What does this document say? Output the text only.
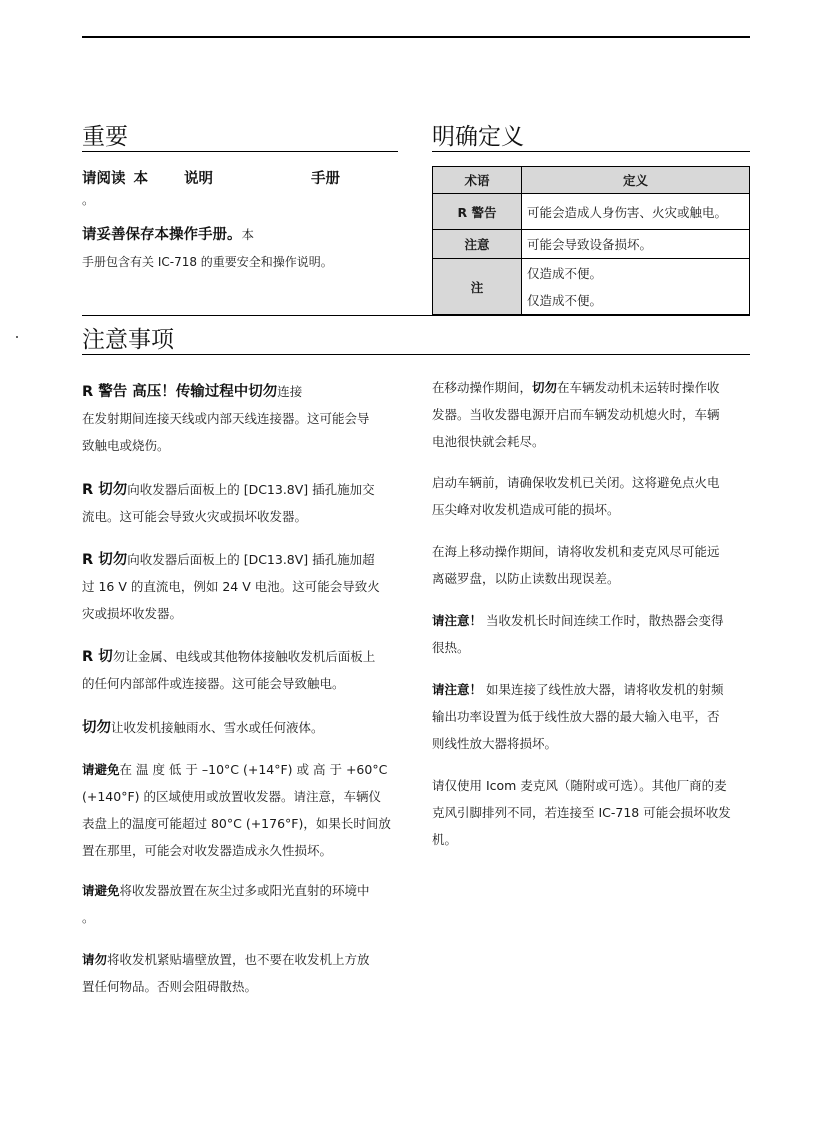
重要

请阅读 本 说明	手册

。

请妥善保存本操作手册。本

手册包含有关 IC-718 的重要安全和操作说明。

明确定义
术语	定义
R 警告	可能会造成人身伤害、火灾或触电。
注意	可能会导致设备损坏。
注	仅造成不便。
仅造成不便。
注意事项

R 警告 高压！传输过程中切勿连接

在发射期间连接天线或内部天线连接器。这可能会导

致触电或烧伤。

R 切勿向收发器后面板上的 [DC13.8V] 插孔施加交

流电。这可能会导致火灾或损坏收发器。

R 切勿向收发器后面板上的 [DC13.8V] 插孔施加超

过 16 V 的直流电，例如 24 V 电池。这可能会导致火

灾或损坏收发器。

R 切勿让金属、电线或其他物体接触收发机后面板上

的任何内部部件或连接器。这可能会导致触电。

切勿让收发机接触雨水、雪水或任何液体。

请避免在 温 度 低 于 –10°C (+14°F) 或 高 于 +60°C

(+140°F) 的区域使用或放置收发器。请注意，车辆仪

表盘上的温度可能超过 80°C (+176°F)，如果长时间放

置在那里，可能会对收发器造成永久性损坏。

请避免将收发器放置在灰尘过多或阳光直射的环境中

。

请勿将收发机紧贴墙壁放置，也不要在收发机上方放

置任何物品。否则会阻碍散热。

在移动操作期间，切勿在车辆发动机未运转时操作收

发器。当收发器电源开启而车辆发动机熄火时，车辆

电池很快就会耗尽。

启动车辆前，请确保收发机已关闭。这将避免点火电

压尖峰对收发机造成可能的损坏。

在海上移动操作期间，请将收发机和麦克风尽可能远

离磁罗盘，以防止读数出现误差。

请注意！ 当收发机长时间连续工作时，散热器会变得

很热。

请注意！ 如果连接了线性放大器，请将收发机的射频

输出功率设置为低于线性放大器的最大输入电平，否

则线性放大器将损坏。

请仅使用 Icom 麦克风（随附或可选）。其他厂商的麦

克风引脚排列不同，若连接至 IC-718 可能会损坏收发

机。
